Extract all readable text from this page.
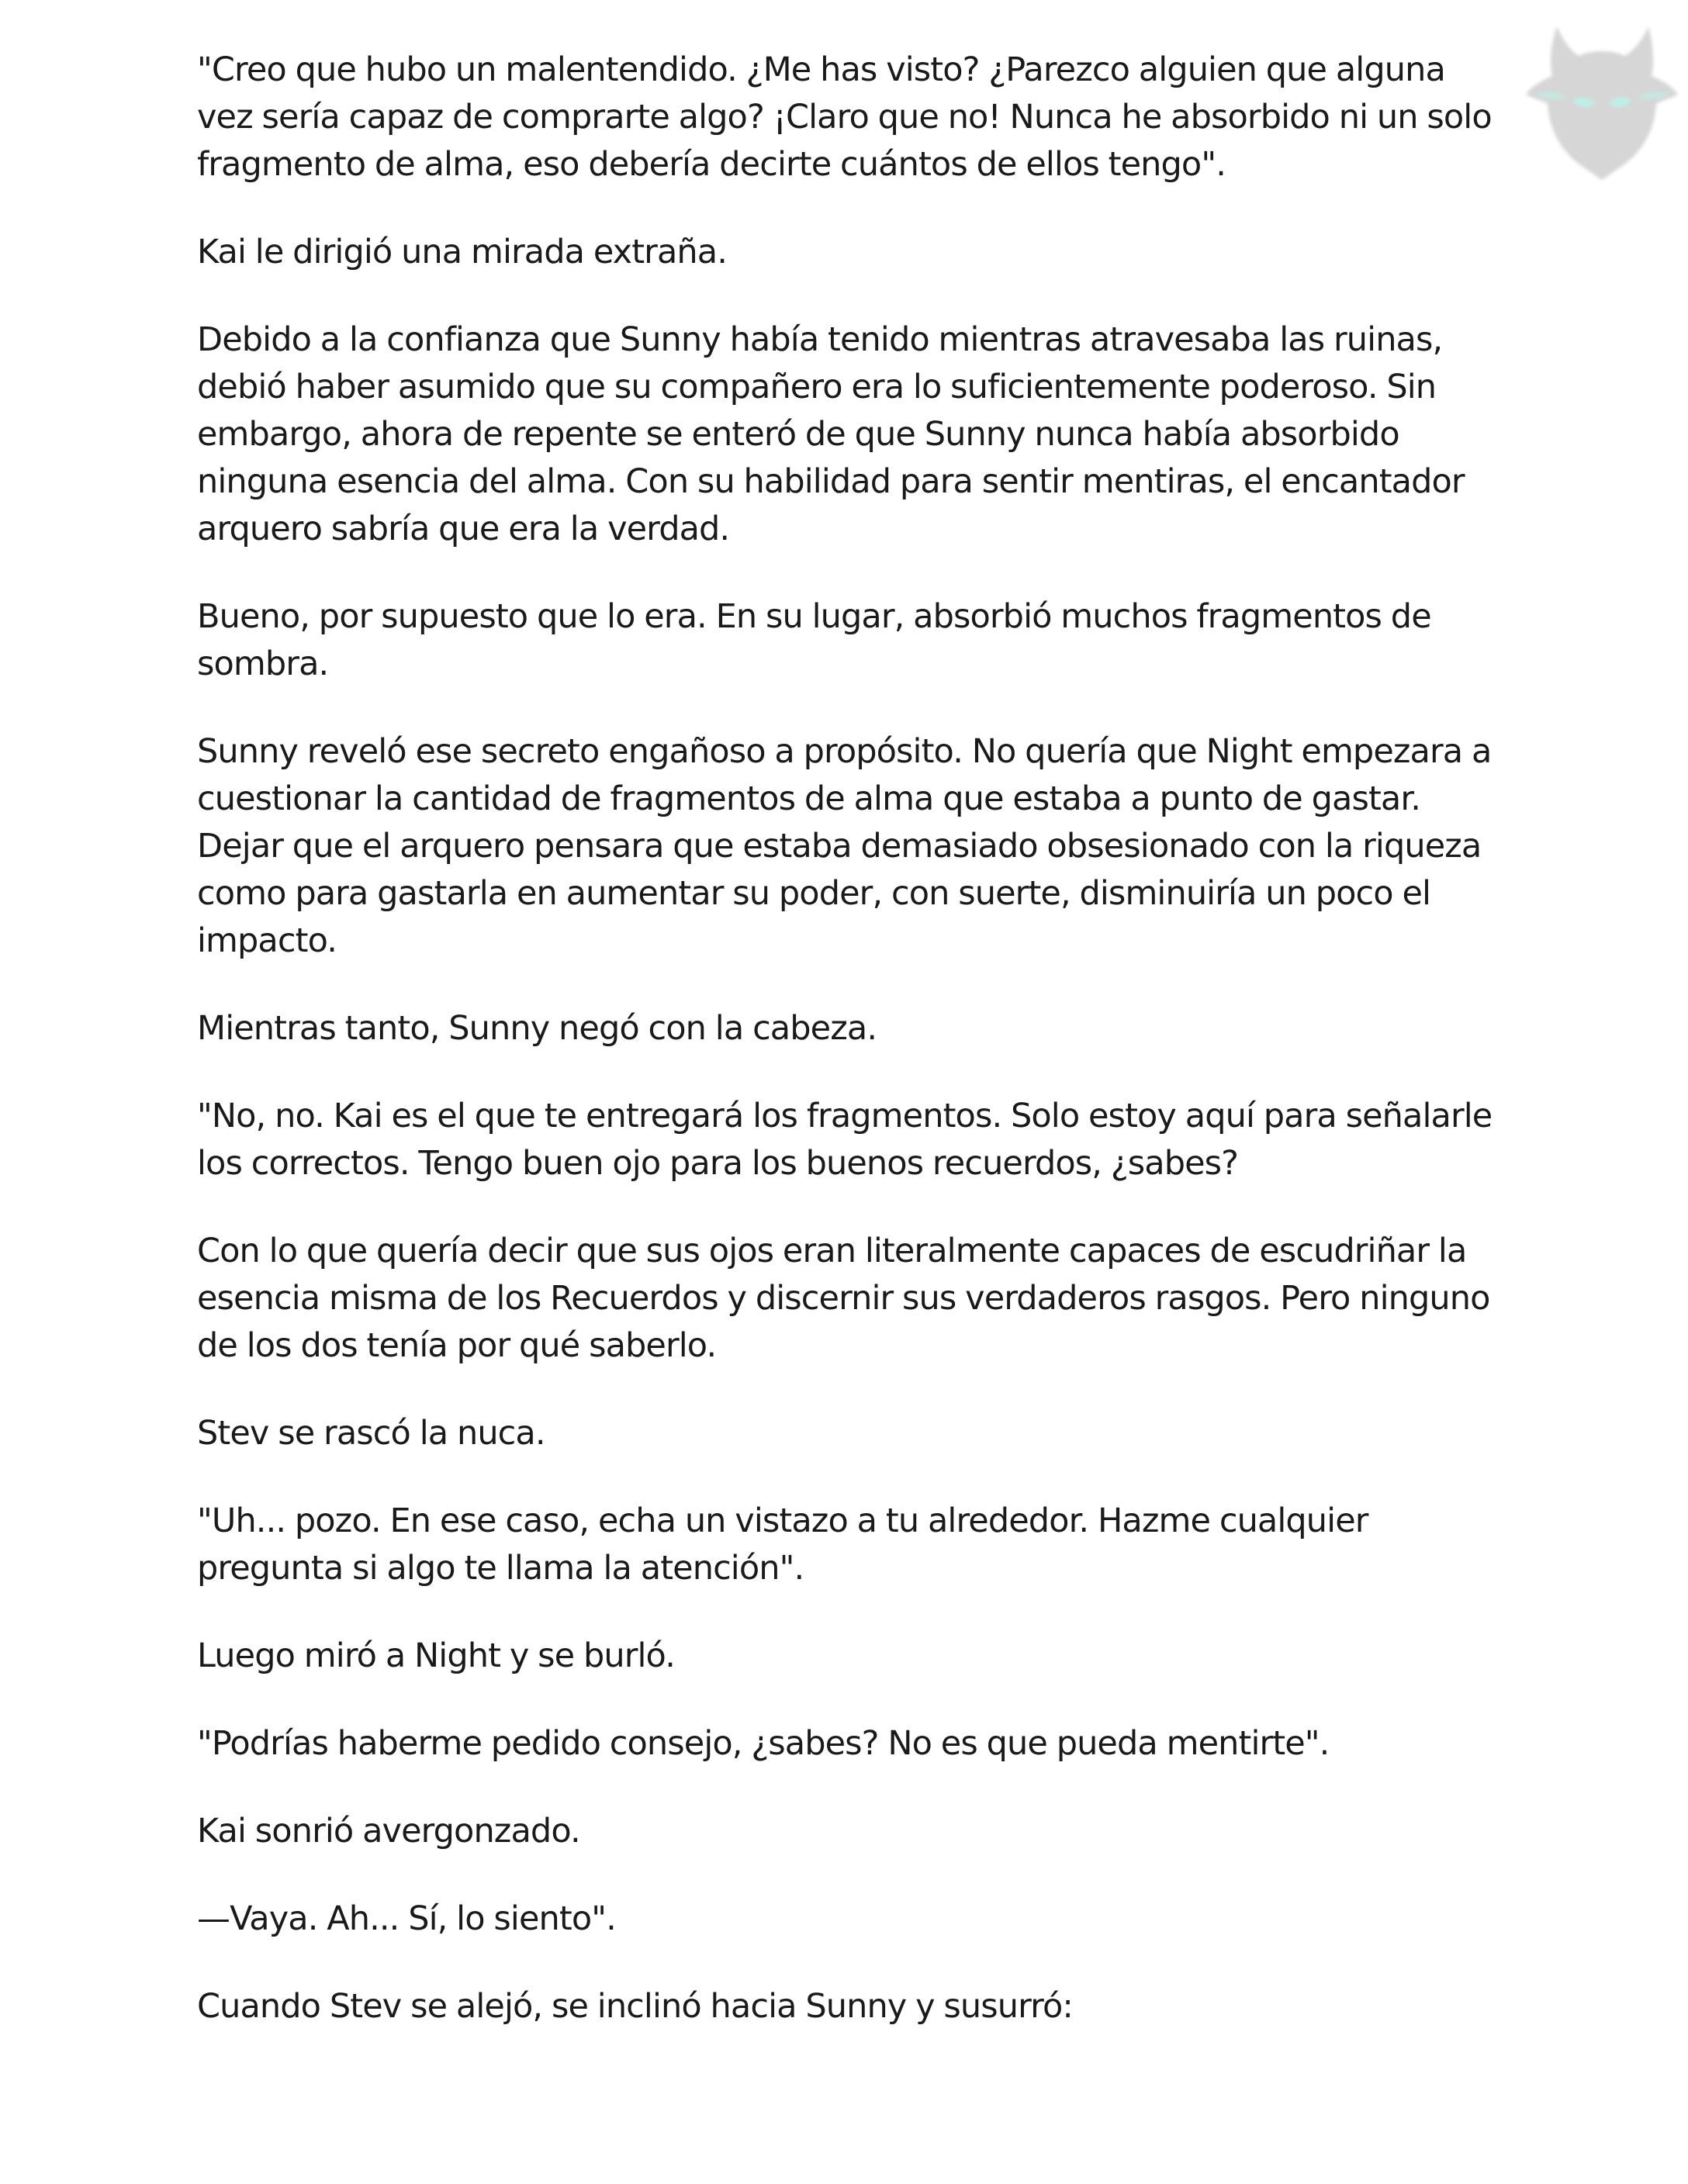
"Creo que hubo un malentendido. ¿Me has visto? ¿Parezco alguien que alguna vez sería capaz de comprarte algo? ¡Claro que no! Nunca he absorbido ni un solo fragmento de alma, eso debería decirte cuántos de ellos tengo".

Kai le dirigió una mirada extraña.

Debido a la confianza que Sunny había tenido mientras atravesaba las ruinas, debió haber asumido que su compañero era lo suficientemente poderoso. Sin embargo, ahora de repente se enteró de que Sunny nunca había absorbido ninguna esencia del alma. Con su habilidad para sentir mentiras, el encantador arquero sabría que era la verdad.

Bueno, por supuesto que lo era. En su lugar, absorbió muchos fragmentos de sombra.

Sunny reveló ese secreto engañoso a propósito. No quería que Night empezara a cuestionar la cantidad de fragmentos de alma que estaba a punto de gastar. Dejar que el arquero pensara que estaba demasiado obsesionado con la riqueza como para gastarla en aumentar su poder, con suerte, disminuiría un poco el impacto.

Mientras tanto, Sunny negó con la cabeza.

"No, no. Kai es el que te entregará los fragmentos. Solo estoy aquí para señalarle los correctos. Tengo buen ojo para los buenos recuerdos, ¿sabes?

Con lo que quería decir que sus ojos eran literalmente capaces de escudriñar la esencia misma de los Recuerdos y discernir sus verdaderos rasgos. Pero ninguno de los dos tenía por qué saberlo.

Stev se rascó la nuca.

"Uh... pozo. En ese caso, echa un vistazo a tu alrededor. Hazme cualquier pregunta si algo te llama la atención".

Luego miró a Night y se burló.

"Podrías haberme pedido consejo, ¿sabes? No es que pueda mentirte".

Kai sonrió avergonzado.

—Vaya. Ah... Sí, lo siento".

Cuando Stev se alejó, se inclinó hacia Sunny y susurró:
